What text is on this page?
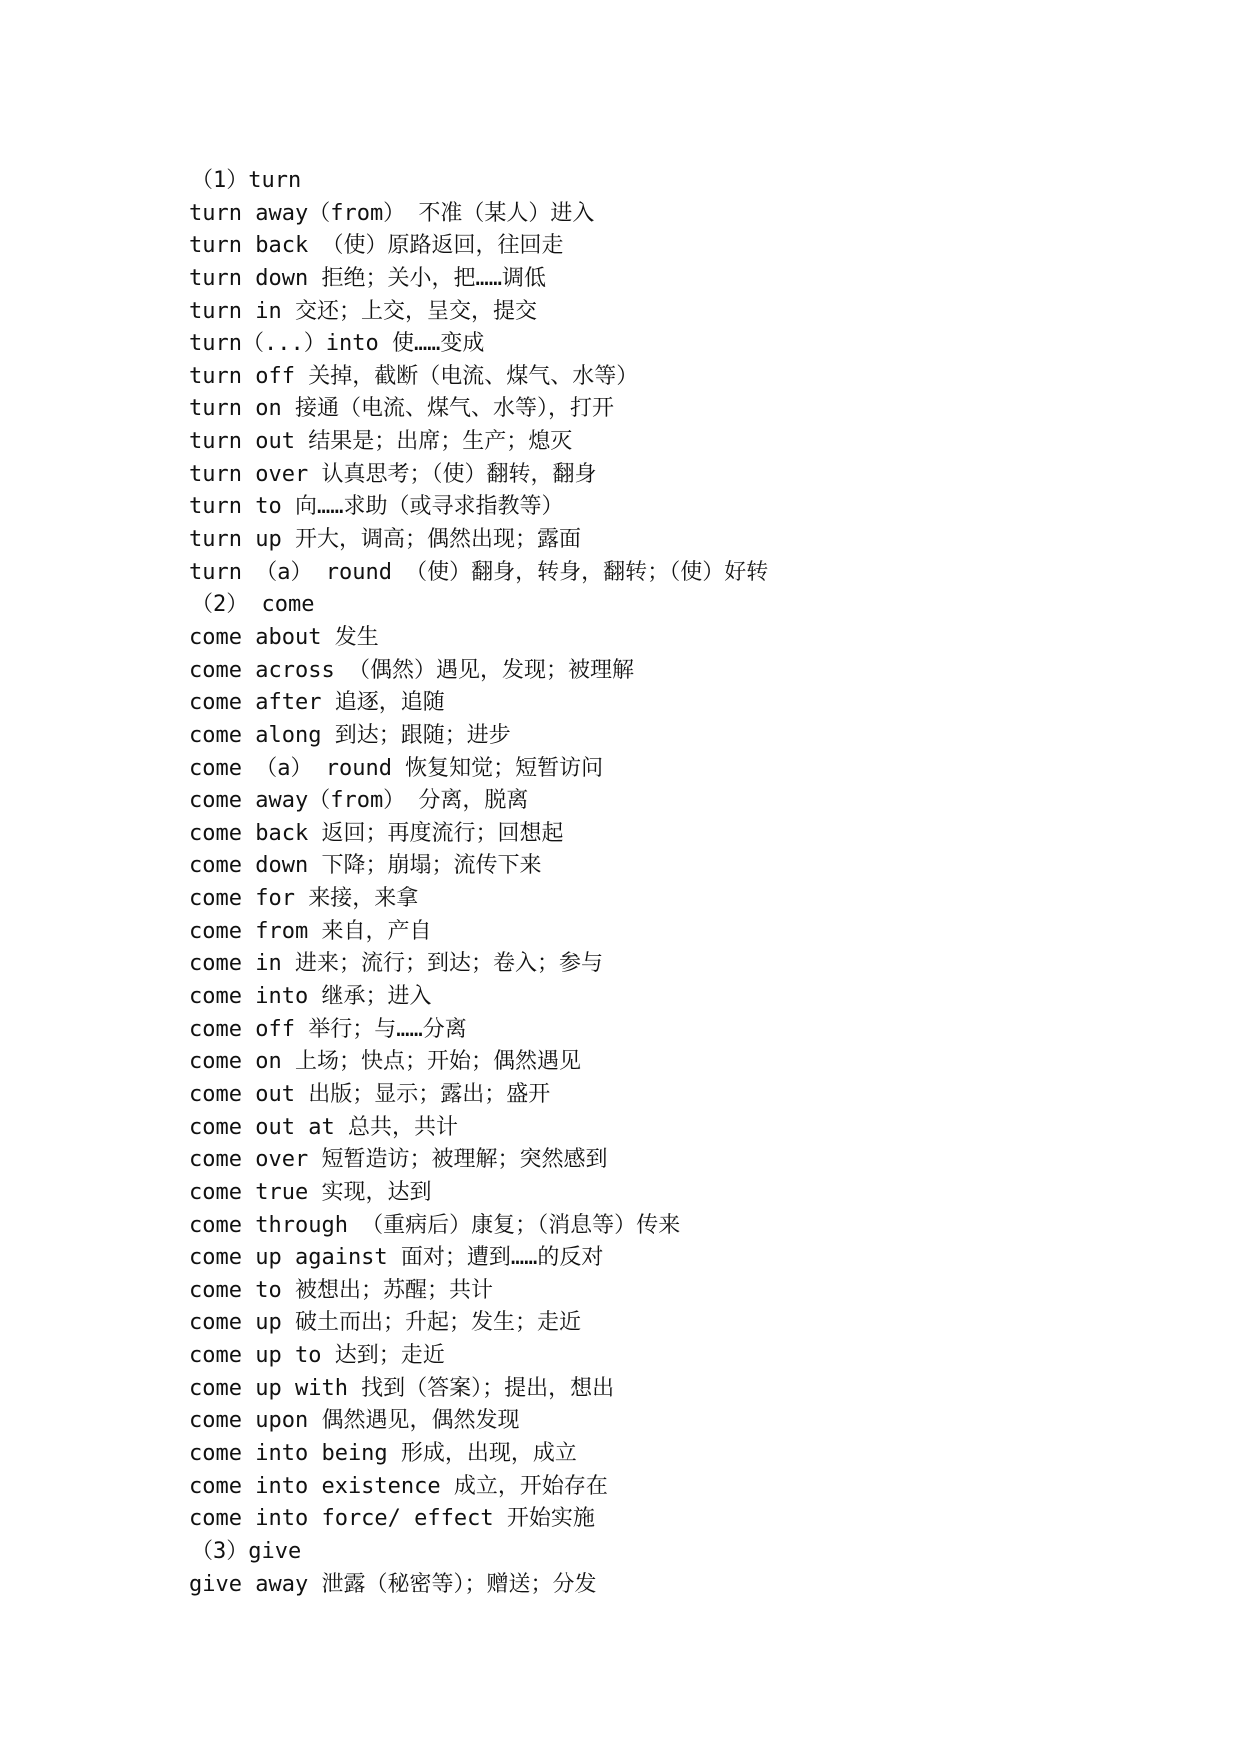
（1）turn
turn away（from） 不准（某人）进入
turn back （使）原路返回，往回走
turn down 拒绝；关小，把……调低
turn in 交还；上交，呈交，提交
turn（...）into 使……变成
turn off 关掉，截断（电流、煤气、水等）
turn on 接通（电流、煤气、水等），打开
turn out 结果是；出席；生产；熄灭
turn over 认真思考；（使）翻转，翻身
turn to 向……求助（或寻求指教等）
turn up 开大，调高；偶然出现；露面
turn （a） round （使）翻身，转身，翻转；（使）好转
（2） come
come about 发生
come across （偶然）遇见，发现；被理解
come after 追逐，追随
come along 到达；跟随；进步
come （a） round 恢复知觉；短暂访问
come away（from） 分离，脱离
come back 返回；再度流行；回想起
come down 下降；崩塌；流传下来
come for 来接，来拿
come from 来自，产自
come in 进来；流行；到达；卷入；参与
come into 继承；进入
come off 举行；与……分离
come on 上场；快点；开始；偶然遇见
come out 出版；显示；露出；盛开
come out at 总共，共计
come over 短暂造访；被理解；突然感到
come true 实现，达到
come through （重病后）康复；（消息等）传来
come up against 面对；遭到……的反对
come to 被想出；苏醒；共计
come up 破土而出；升起；发生；走近
come up to 达到；走近
come up with 找到（答案）；提出，想出
come upon 偶然遇见，偶然发现
come into being 形成，出现，成立
come into existence 成立，开始存在
come into force/ effect 开始实施
（3）give
give away 泄露（秘密等）；赠送；分发
